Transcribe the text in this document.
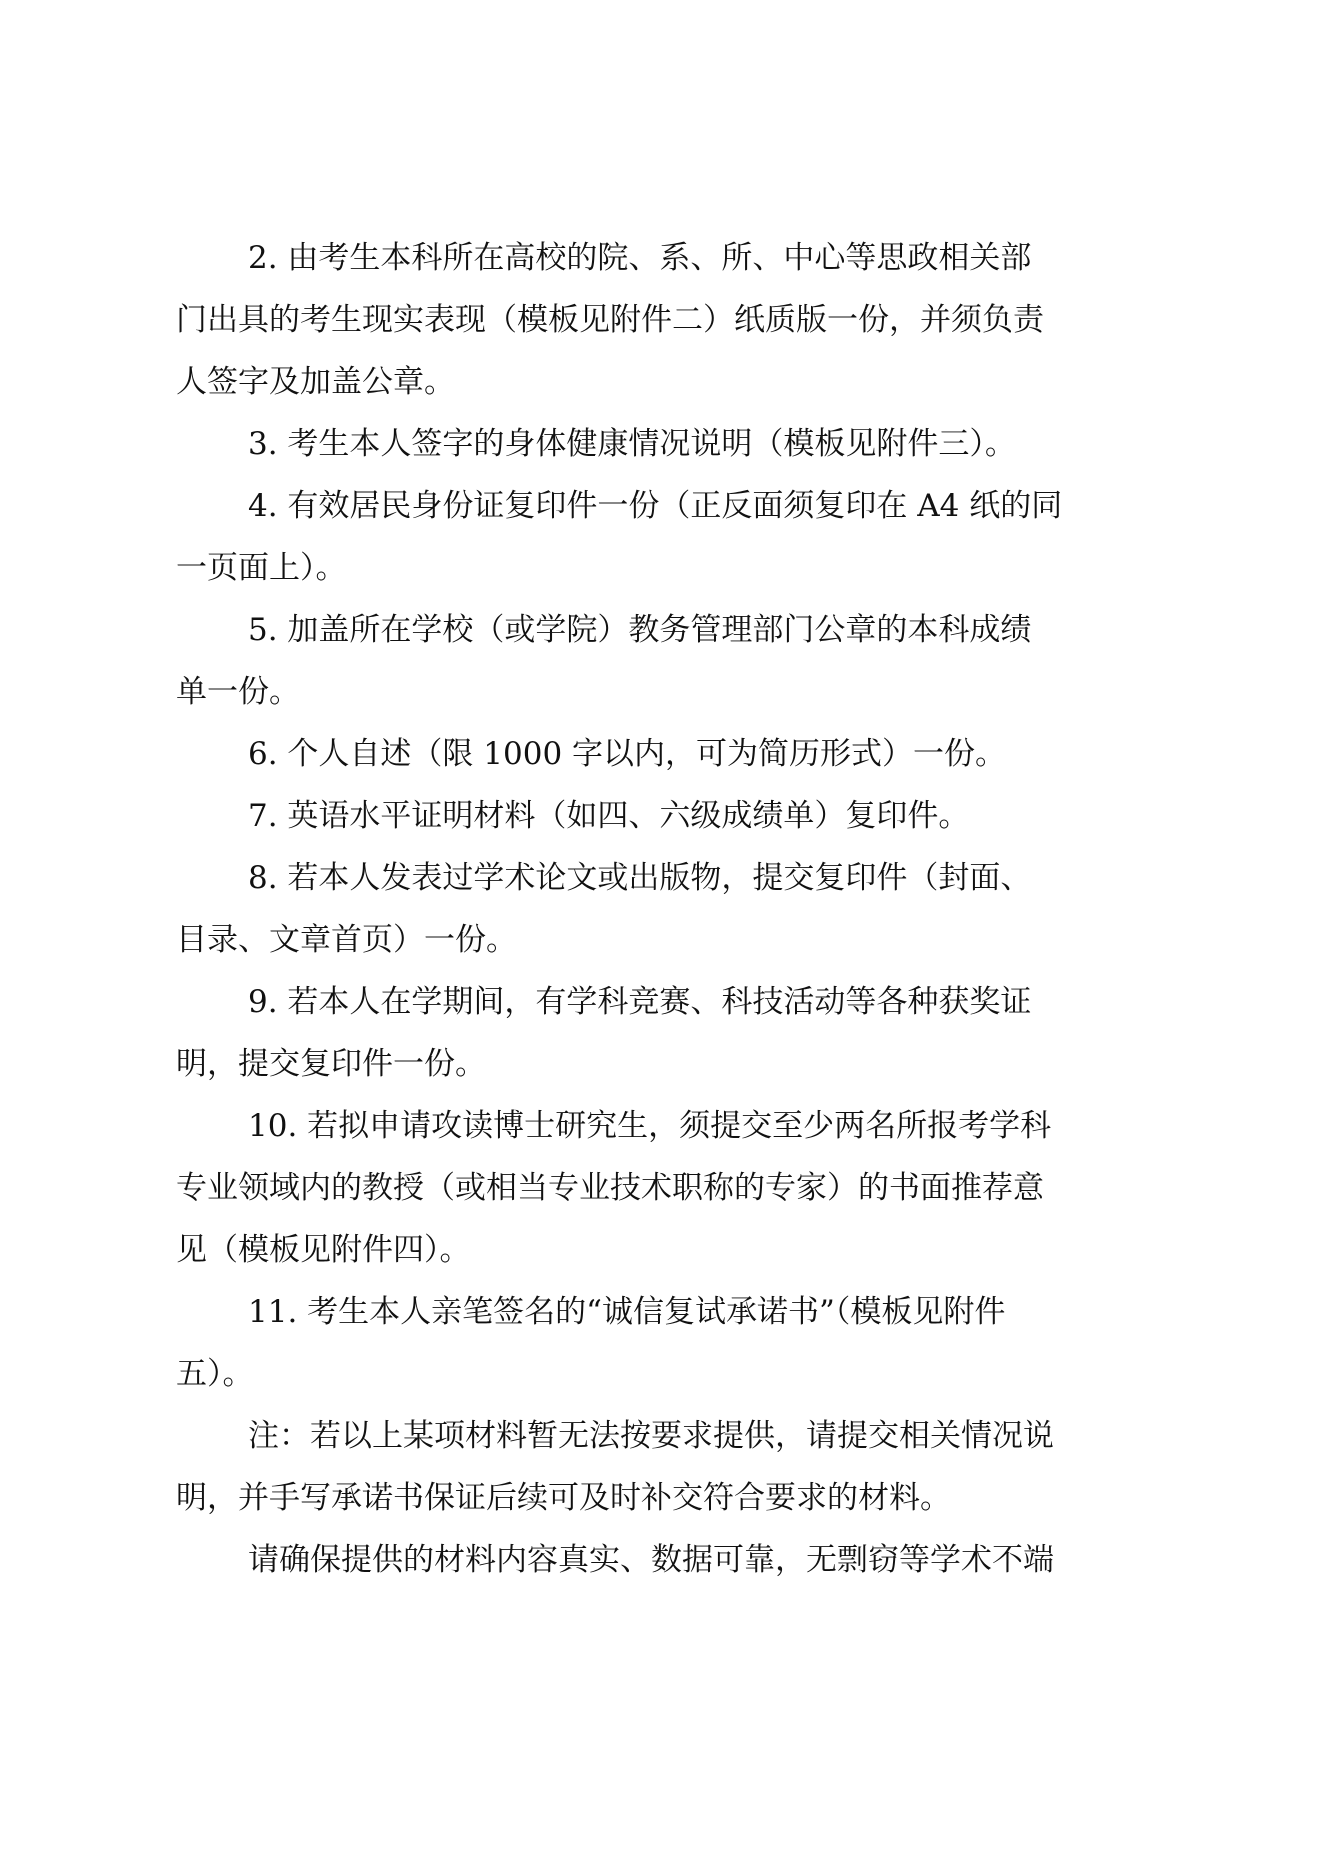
2. 由考生本科所在高校的院、系、所、中心等思政相关部

门出具的考生现实表现（模板见附件二）纸质版一份，并须负责

人签字及加盖公章。

3. 考生本人签字的身体健康情况说明（模板见附件三）。

4. 有效居民身份证复印件一份（正反面须复印在 A4 纸的同

一页面上）。

5. 加盖所在学校（或学院）教务管理部门公章的本科成绩

单一份。

6. 个人自述（限 1000 字以内，可为简历形式）一份。

7. 英语水平证明材料（如四、六级成绩单）复印件。

8. 若本人发表过学术论文或出版物，提交复印件（封面、

目录、文章首页）一份。

9. 若本人在学期间，有学科竞赛、科技活动等各种获奖证

明，提交复印件一份。

10. 若拟申请攻读博士研究生，须提交至少两名所报考学科

专业领域内的教授（或相当专业技术职称的专家）的书面推荐意

见（模板见附件四）。

11. 考生本人亲笔签名的“诚信复试承诺书”（模板见附件

五）。

注：若以上某项材料暂无法按要求提供，请提交相关情况说

明，并手写承诺书保证后续可及时补交符合要求的材料。

请确保提供的材料内容真实、数据可靠，无剽窃等学术不端
